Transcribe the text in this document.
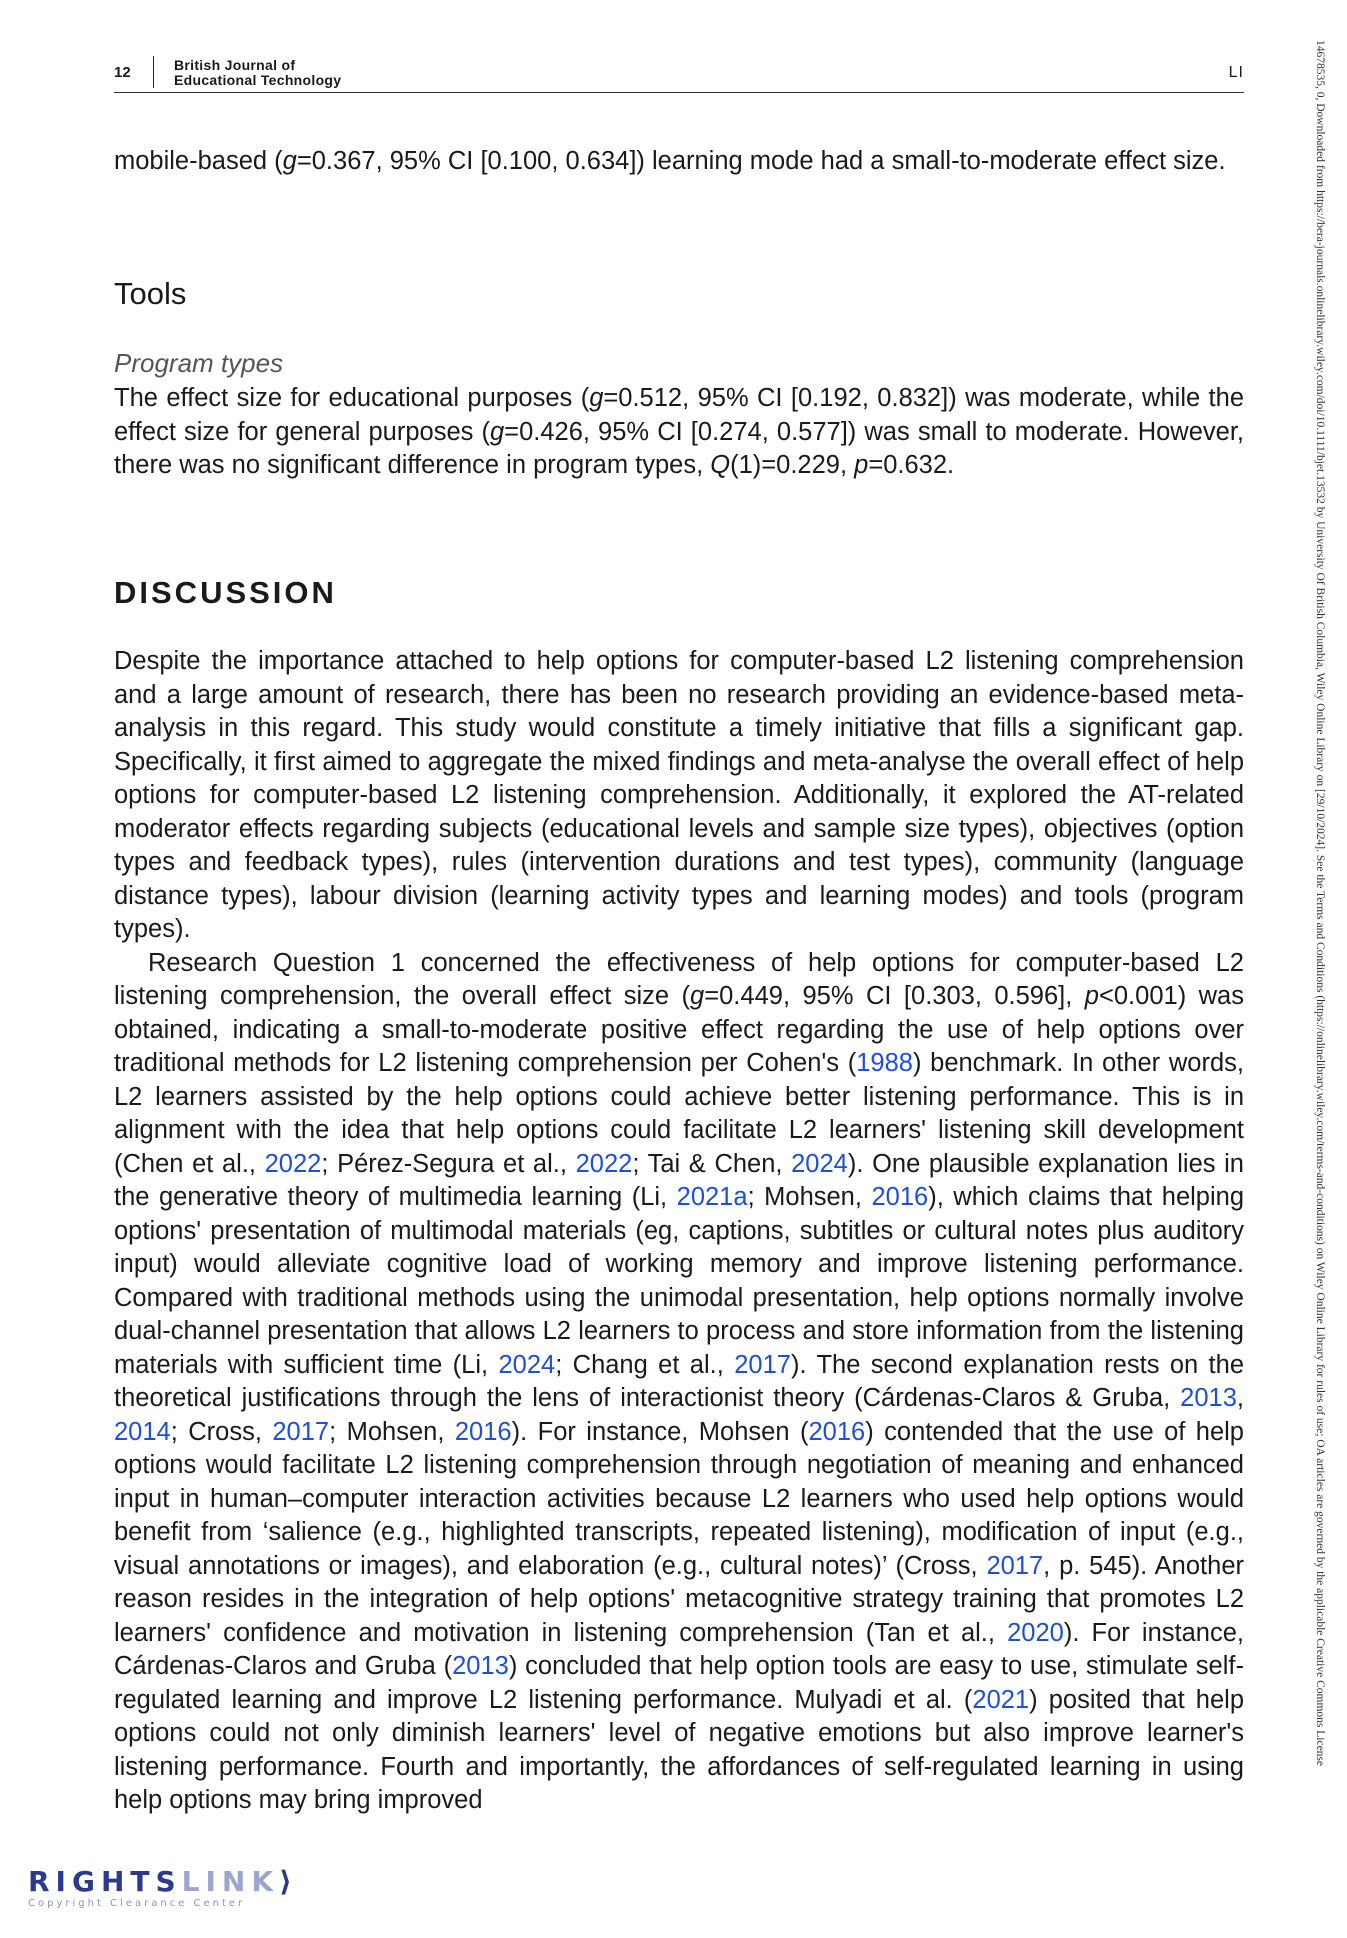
12	British Journal of
Educational Technology	LI

mobile-based (g=0.367, 95% CI [0.100, 0.634]) learning mode had a small-to-moderate effect size.

Tools
Program types

The effect size for educational purposes (g=0.512, 95% CI [0.192, 0.832]) was moderate, while the effect size for general purposes (g=0.426, 95% CI [0.274, 0.577]) was small to moderate. However, there was no significant difference in program types, Q(1)=0.229, p=0.632.

DISCUSSION

Despite the importance attached to help options for computer-based L2 listening comprehension and a large amount of research, there has been no research providing an evidence-based meta-analysis in this regard. This study would constitute a timely initiative that fills a significant gap. Specifically, it first aimed to aggregate the mixed findings and meta-analyse the overall effect of help options for computer-based L2 listening comprehension. Additionally, it explored the AT-related moderator effects regarding subjects (educational levels and sample size types), objectives (option types and feedback types), rules (intervention durations and test types), community (language distance types), labour division (learning activity types and learning modes) and tools (program types).

Research Question 1 concerned the effectiveness of help options for computer-based L2 listening comprehension, the overall effect size (g=0.449, 95% CI [0.303, 0.596], p<0.001) was obtained, indicating a small-to-moderate positive effect regarding the use of help options over traditional methods for L2 listening comprehension per Cohen's (1988) benchmark. In other words, L2 learners assisted by the help options could achieve better listening performance. This is in alignment with the idea that help options could facilitate L2 learners' listening skill development (Chen et al., 2022; Pérez-Segura et al., 2022; Tai & Chen, 2024). One plausible explanation lies in the generative theory of multimedia learning (Li, 2021a; Mohsen, 2016), which claims that helping options' presentation of multimodal materials (eg, captions, subtitles or cultural notes plus auditory input) would alleviate cognitive load of working memory and improve listening performance. Compared with traditional methods using the unimodal presentation, help options normally involve dual-channel presentation that allows L2 learners to process and store information from the listening materials with sufficient time (Li, 2024; Chang et al., 2017). The second explanation rests on the theoretical justifications through the lens of interactionist theory (Cárdenas-Claros & Gruba, 2013, 2014; Cross, 2017; Mohsen, 2016). For instance, Mohsen (2016) contended that the use of help options would facilitate L2 listening comprehension through negotiation of meaning and enhanced input in human–computer interaction activities because L2 learners who used help options would benefit from ‘salience (e.g., highlighted transcripts, repeated listening), modification of input (e.g., visual annotations or images), and elaboration (e.g., cultural notes)’ (Cross, 2017, p. 545). Another reason resides in the integration of help options' metacognitive strategy training that promotes L2 learners' confidence and motivation in listening comprehension (Tan et al., 2020). For instance, Cárdenas-Claros and Gruba (2013) concluded that help option tools are easy to use, stimulate self-regulated learning and improve L2 listening performance. Mulyadi et al. (2021) posited that help options could not only diminish learners' level of negative emotions but also improve learner's listening performance. Fourth and importantly, the affordances of self-regulated learning in using help options may bring improved

14678535, 0, Downloaded from https://bera-journals.onlinelibrary.wiley.com/doi/10.1111/bjet.13532 by University Of British Columbia, Wiley Online Library on [29/10/2024]. See the Terms and Conditions (https://onlinelibrary.wiley.com/terms-and-conditions) on Wiley Online Library for rules of use; OA articles are governed by the applicable Creative Commons License
RIGHTSLINK⟩
Copyright Clearance Center
